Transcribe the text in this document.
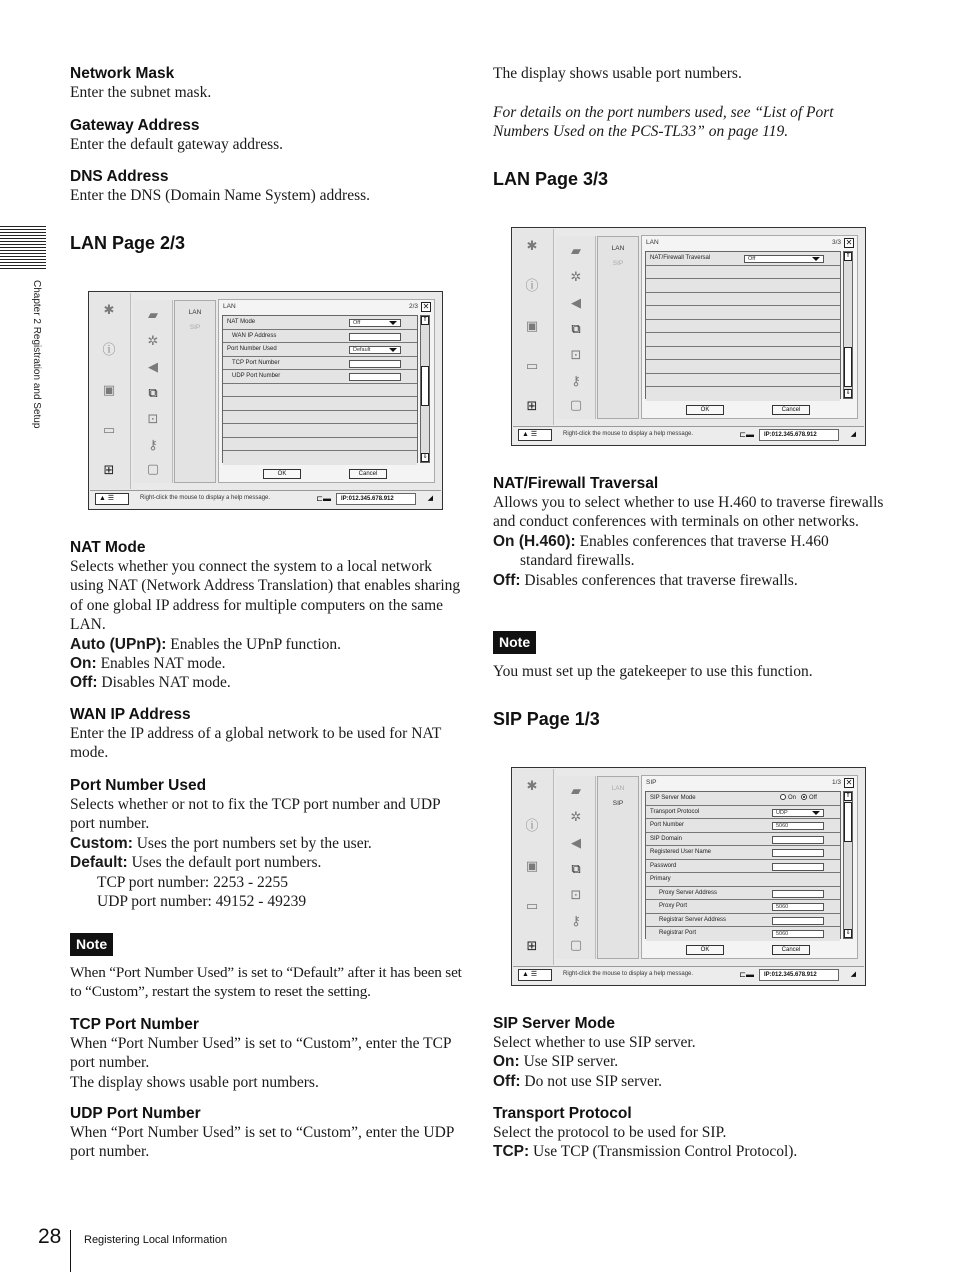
Chapter 2 Registration and Setup
Network Mask
Enter the subnet mask.
Gateway Address
Enter the default gateway address.
DNS Address
Enter the DNS (Domain Name System) address.
LAN Page 2/3
NAT Mode
Selects whether you connect the system to a local network using NAT (Network Address Translation) that enables sharing of one global IP address for multiple computers on the same LAN.
Auto (UPnP): Enables the UPnP function.
On: Enables NAT mode.
Off: Disables NAT mode.
WAN IP Address
Enter the IP address of a global network to be used for NAT mode.
Port Number Used
Selects whether or not to fix the TCP port number and UDP port number.
Custom: Uses the port numbers set by the user.
Default: Uses the default port numbers.
TCP port number: 2253 - 2255
UDP port number: 49152 - 49239
Note
When “Port Number Used” is set to “Default” after it has been set to “Custom”, restart the system to reset the setting.
TCP Port Number
When “Port Number Used” is set to “Custom”, enter the TCP port number.
The display shows usable port numbers.
UDP Port Number
When “Port Number Used” is set to “Custom”, enter the UDP port number.
The display shows usable port numbers.
For details on the port numbers used, see “List of Port Numbers Used on the PCS-TL33” on page 119.
LAN Page 3/3
NAT/Firewall Traversal
Allows you to select whether to use H.460 to traverse firewalls and conduct conferences with terminals on other networks.
On (H.460): Enables conferences that traverse H.460 standard firewalls.
Off: Disables conferences that traverse firewalls.
Note
You must set up the gatekeeper to use this function.
SIP Page 1/3
SIP Server Mode
Select whether to use SIP server.
On: Use SIP server.
Off: Do not use SIP server.
Transport Protocol
Select the protocol to be used for SIP.
TCP: Use TCP (Transmission Control Protocol).
✱
ⓘ
▣
▭
⊞
▰
✲
◀
⧉
⊡
⚷
▢
LAN
SIP
LAN	2/3 ✕
NAT Mode	Off
WAN IP Address
Port Number Used	Default
TCP Port Number
UDP Port Number
⇑
⇓
OK	Cancel
▲ ☰	Right-click the mouse to display a help message.	⊏▬	IP:012.345.678.912	◢
✱
ⓘ
▣
▭
⊞
▰
✲
◀
⧉
⊡
⚷
▢
LAN
SIP
LAN	3/3 ✕
NAT/Firewall Traversal	Off	⇑
⇓
OK	Cancel
▲ ☰	Right-click the mouse to display a help message.	⊏▬	IP:012.345.678.912	◢
✱
ⓘ
▣
▭
⊞
▰
✲
◀
⧉
⊡
⚷
▢
LAN
SIP
SIP	1/3 ✕
SIP Server Mode	On Off
Transport Protocol	UDP
Port Number	5060
SIP Domain
Registered User Name
Password
Primary
Proxy Server Address
Proxy Port	5060
Registrar Server Address
Registrar Port	5060
⇑
⇓
OK	Cancel
▲ ☰	Right-click the mouse to display a help message.	⊏▬	IP:012.345.678.912	◢
28 Registering Local Information
